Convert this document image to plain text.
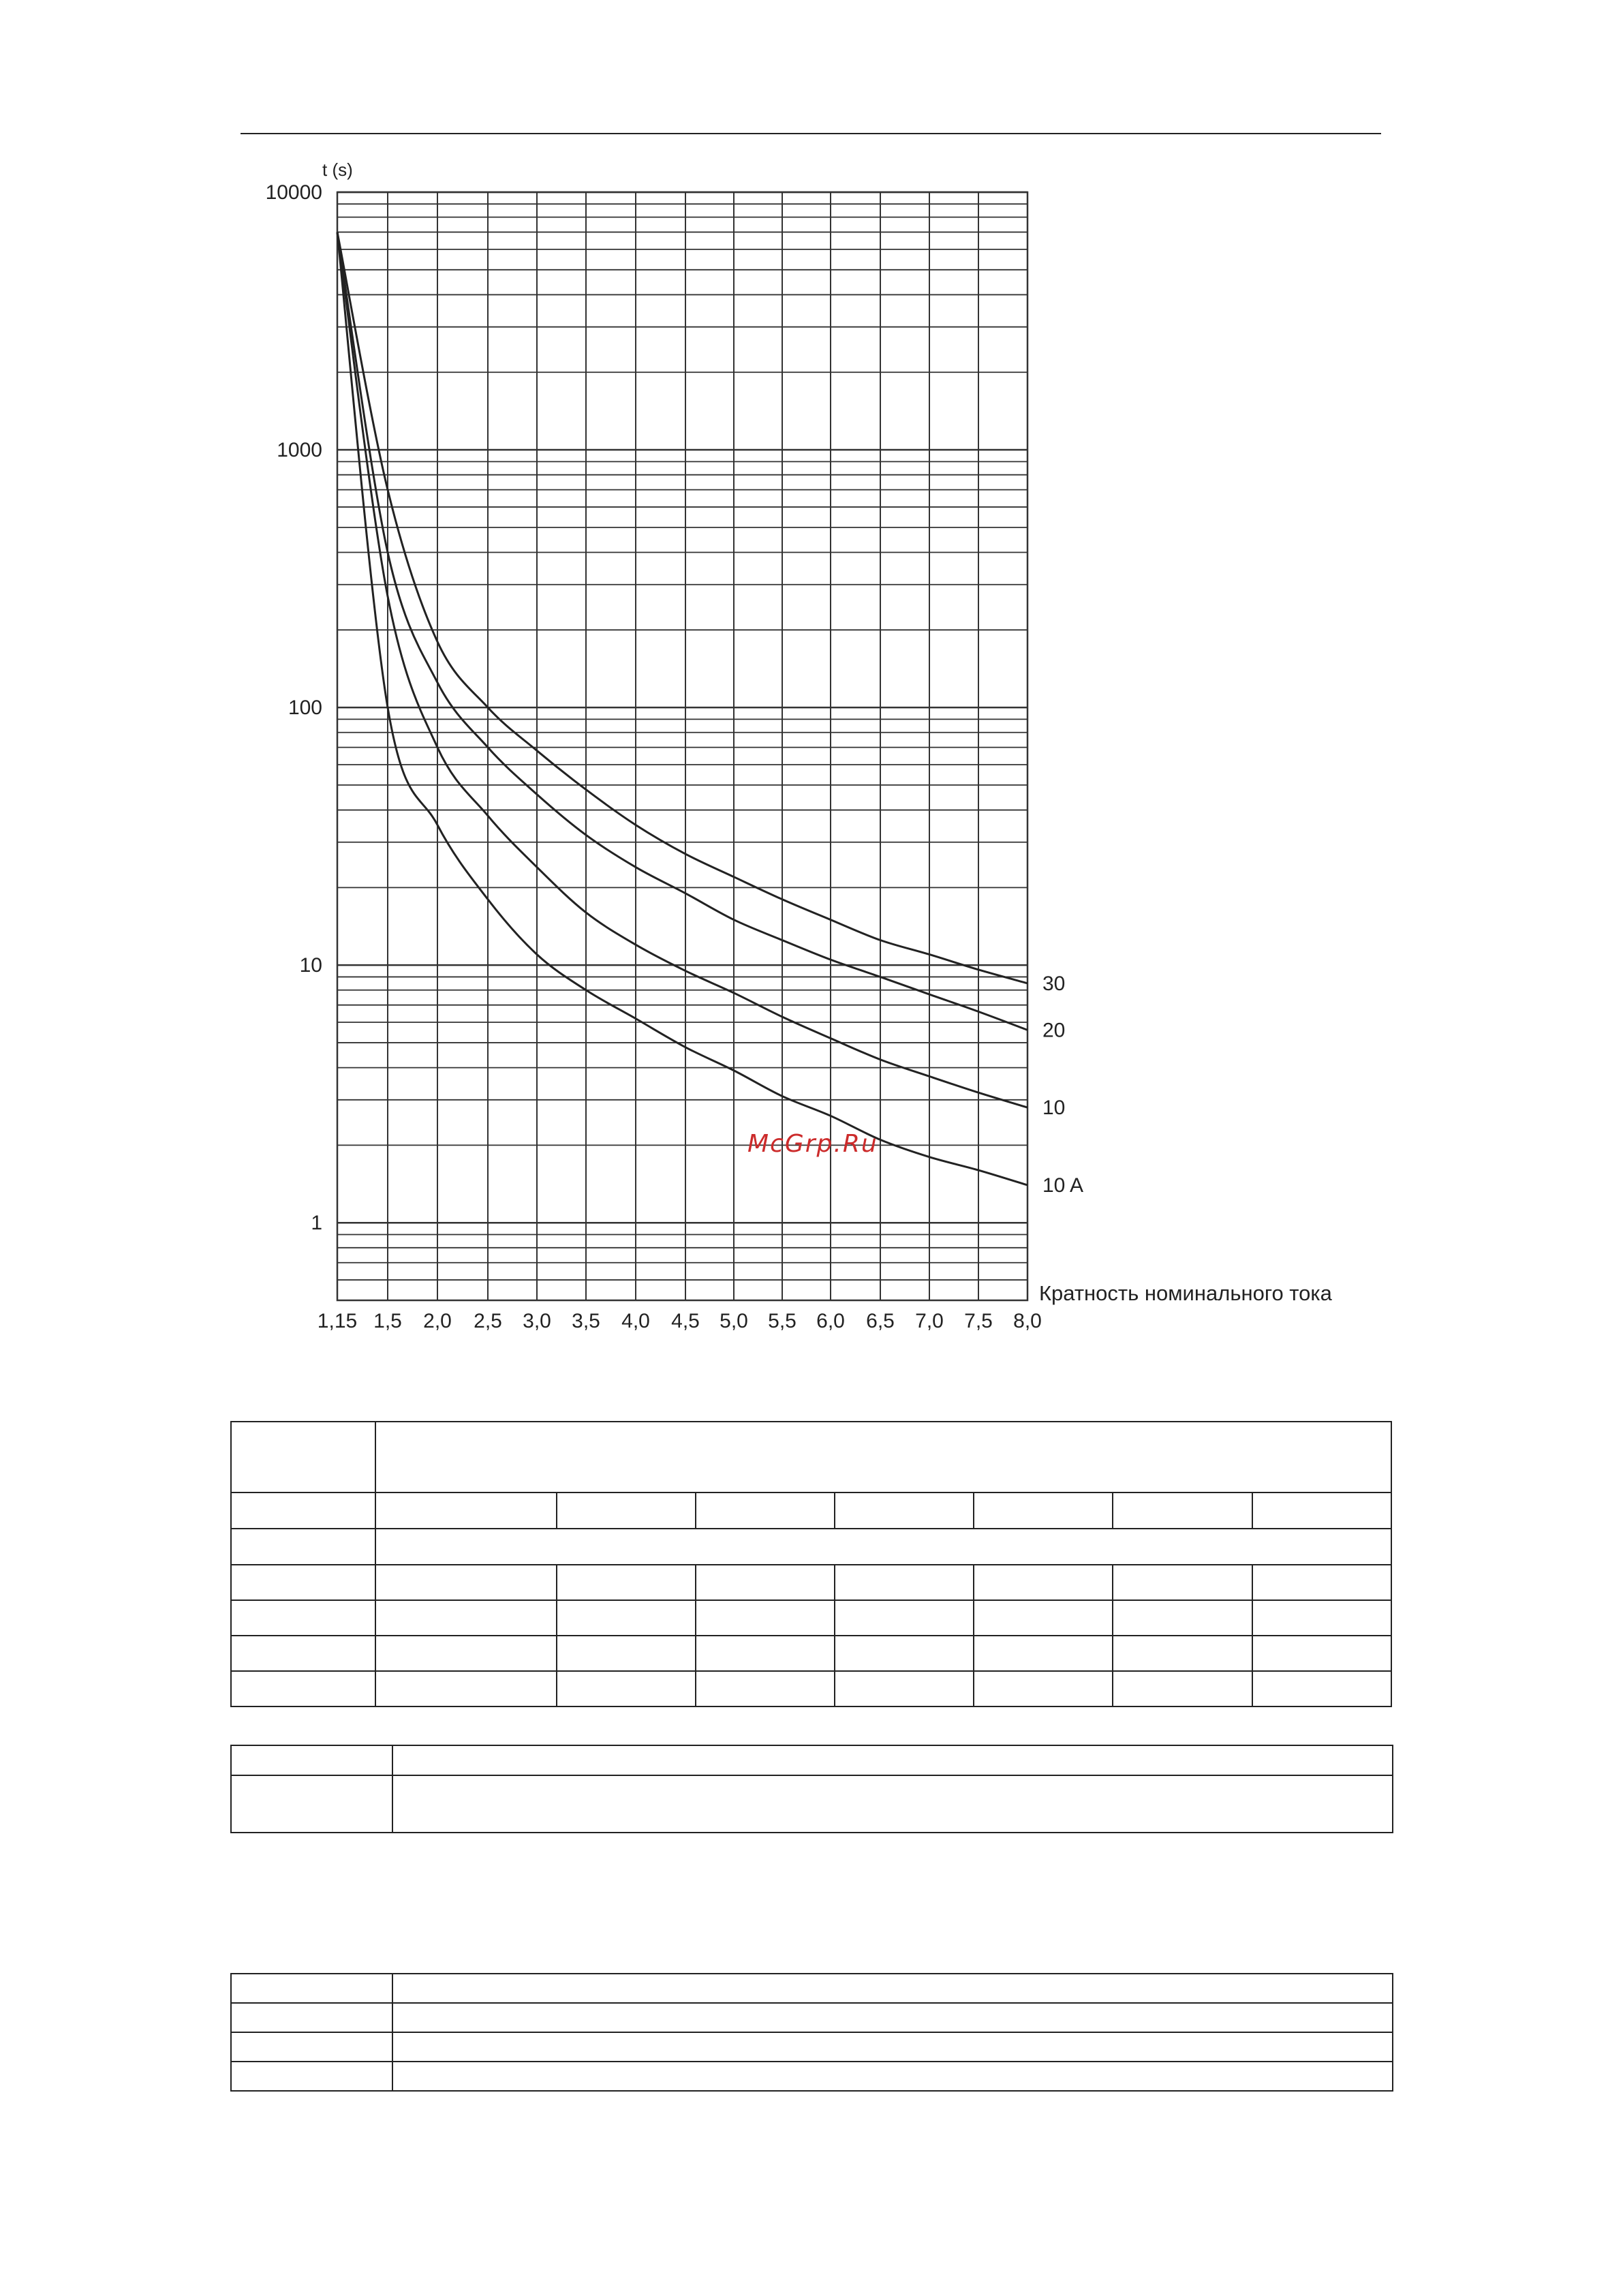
30
20
10
10 A
10000
1000
100
10
1
t (s)
1,15 1,5 2,0 2,5 3,0 3,5 4,0 4,5 5,0 5,5 6,0 6,5 7,0 7,5 8,0
Кратность номинального тока
McGrp.Ru
